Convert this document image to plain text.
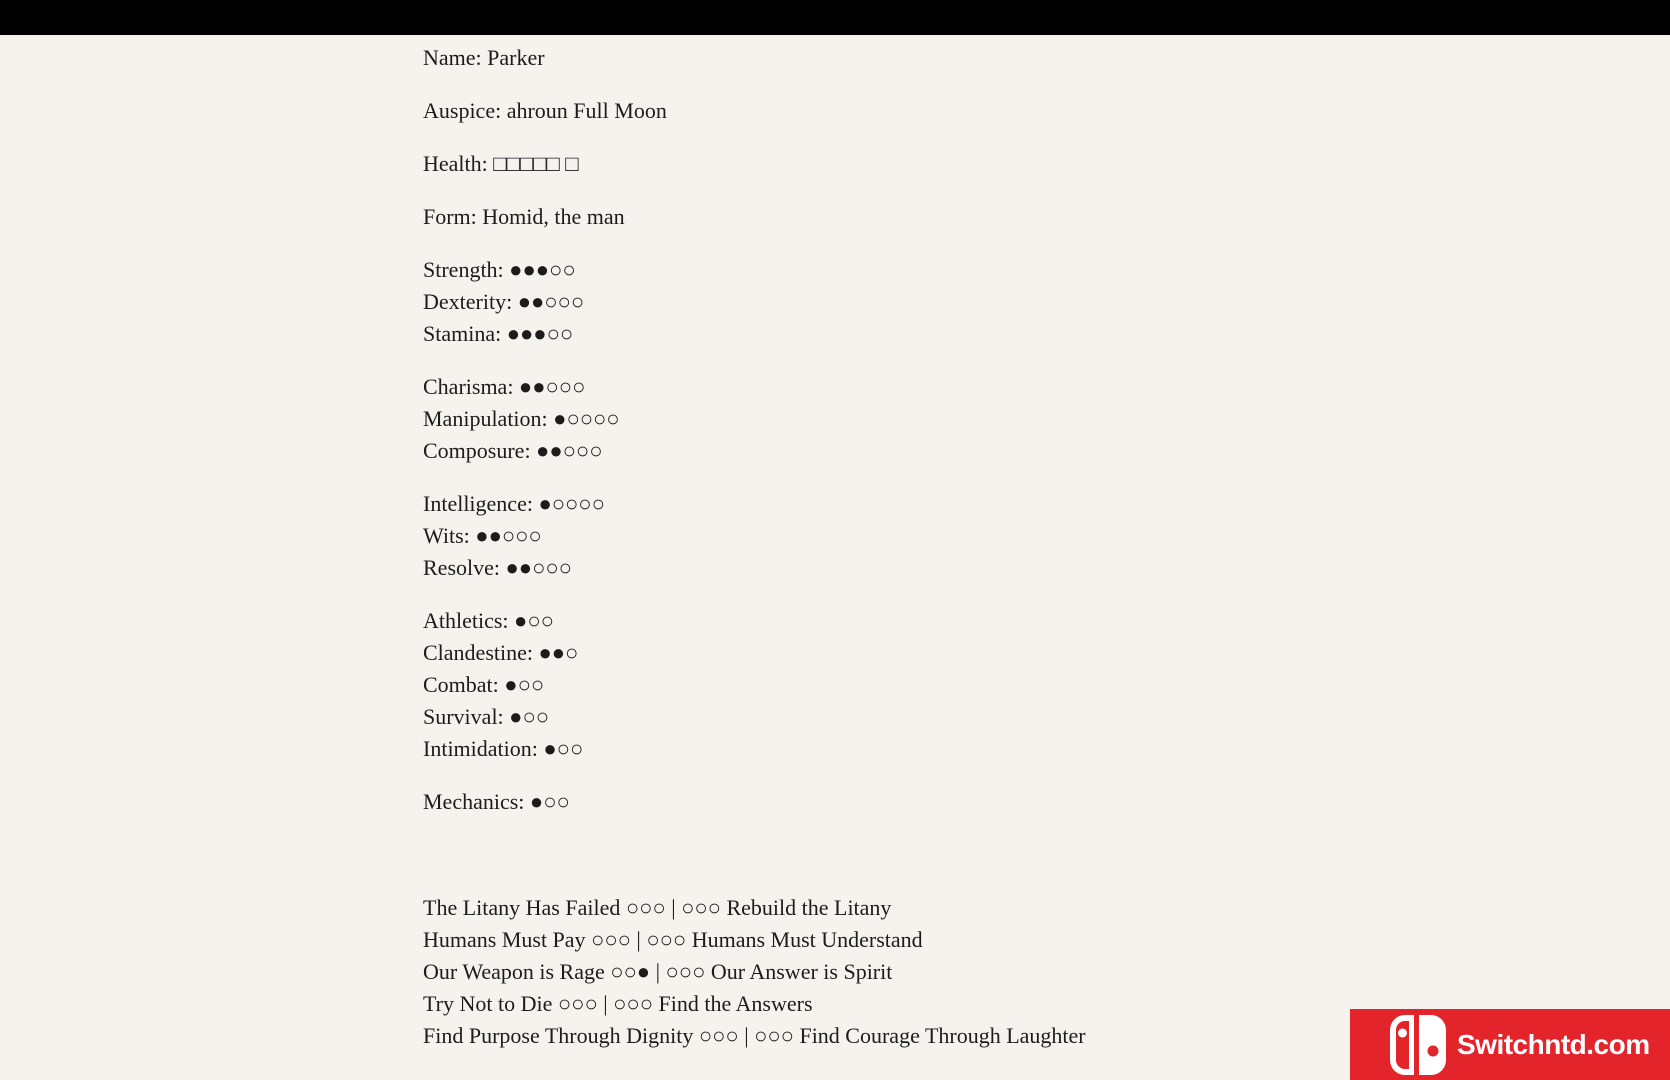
Name: Parker
Auspice: ahroun Full Moon
Health: □□□□□ □
Form: Homid, the man
Strength: ●●●○○
Dexterity: ●●○○○
Stamina: ●●●○○
Charisma: ●●○○○
Manipulation: ●○○○○
Composure: ●●○○○
Intelligence: ●○○○○
Wits: ●●○○○
Resolve: ●●○○○
Athletics: ●○○
Clandestine: ●●○
Combat: ●○○
Survival: ●○○
Intimidation: ●○○
Mechanics: ●○○
The Litany Has Failed ○○○ | ○○○ Rebuild the Litany
Humans Must Pay ○○○ | ○○○ Humans Must Understand
Our Weapon is Rage ○○● | ○○○ Our Answer is Spirit
Try Not to Die ○○○ | ○○○ Find the Answers
Find Purpose Through Dignity ○○○ | ○○○ Find Courage Through Laughter	Switchntd.com
